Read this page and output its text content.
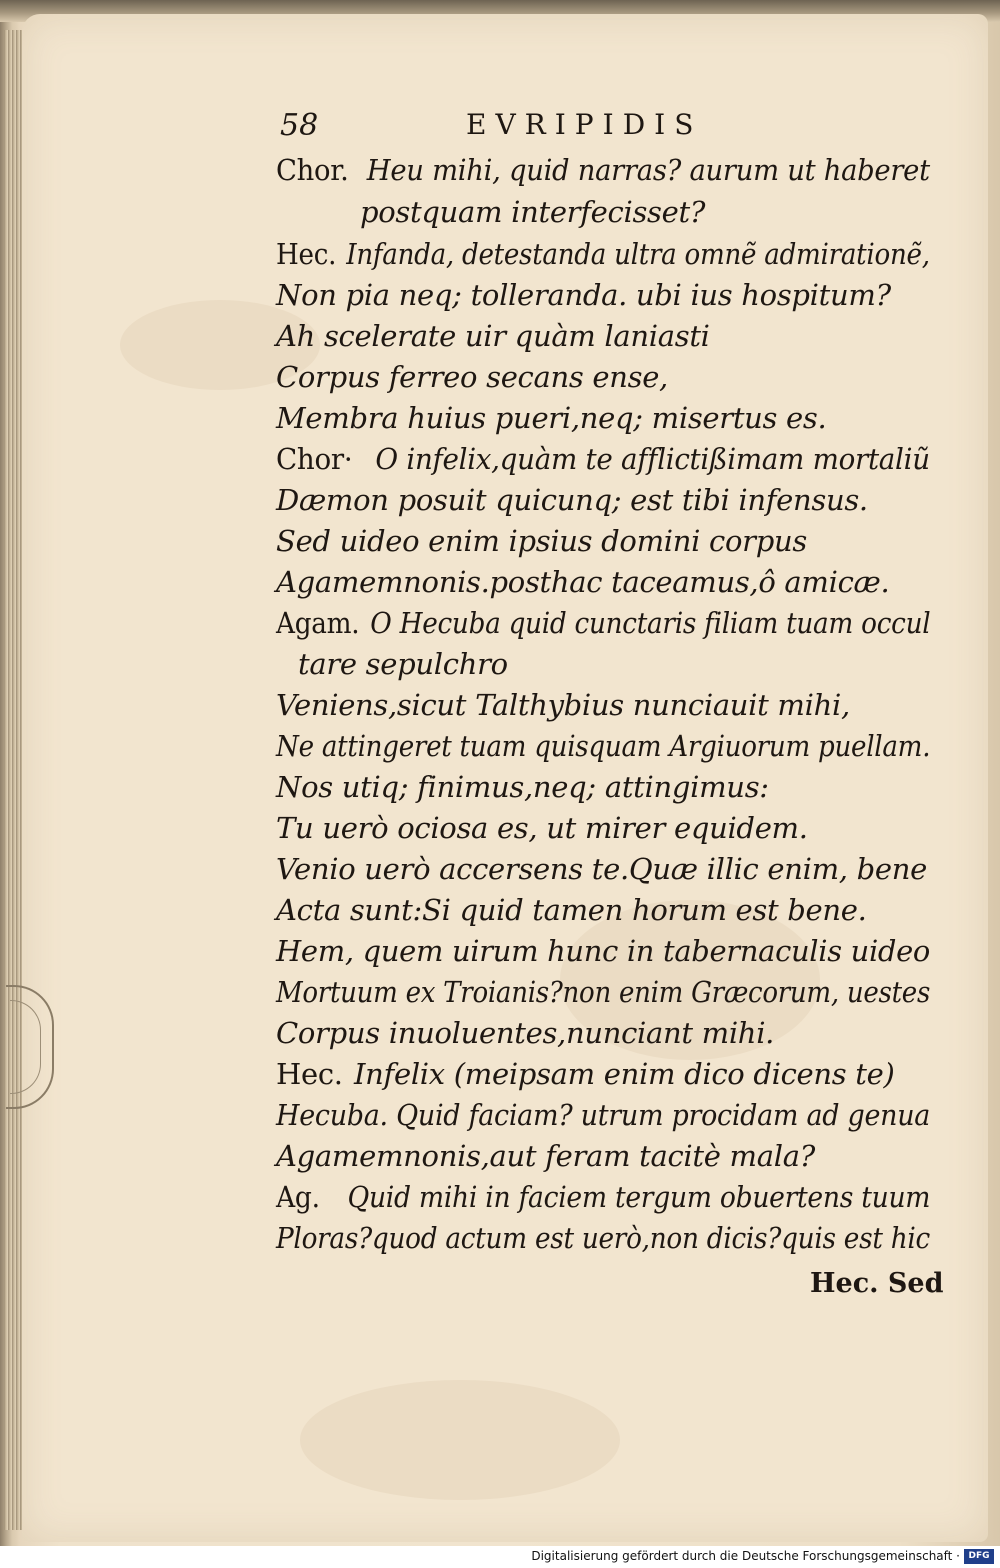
58	EVRIPIDIS
Chor. Heu mihi, quid narras? aurum ut haberet
postquam interfecisset?
Hec. Infanda, detestanda ultra omnẽ admirationẽ,
Non pia neq; tolleranda. ubi ius hospitum?
Ah scelerate uir quàm laniasti
Corpus ferreo secans ense,
Membra huius pueri,neq; misertus es.
Chor· O infelix,quàm te afflictißimam mortaliũ
Dæmon posuit quicunq; est tibi infensus.
Sed uideo enim ipsius domini corpus
Agamemnonis.posthac taceamus,ô amicæ.
Agam. O Hecuba quid cunctaris filiam tuam occul
tare sepulchro
Veniens,sicut Talthybius nunciauit mihi,
Ne attingeret tuam quisquam Argiuorum puellam.
Nos utiq; finimus,neq; attingimus:
Tu uerò ociosa es, ut mirer equidem.
Venio uerò accersens te.Quæ illic enim, bene
Acta sunt:Si quid tamen horum est bene.
Hem, quem uirum hunc in tabernaculis uideo
Mortuum ex Troianis?non enim Græcorum, uestes
Corpus inuoluentes,nunciant mihi.
Hec. Infelix (meipsam enim dico dicens te)
Hecuba. Quid faciam? utrum procidam ad genua
Agamemnonis,aut feram tacitè mala?
Ag. Quid mihi in faciem tergum obuertens tuum
Ploras?quod actum est uerò,non dicis?quis est hic
Hec. Sed
Digitalisierung gefördert durch die Deutsche Forschungsgemeinschaft · DFG
